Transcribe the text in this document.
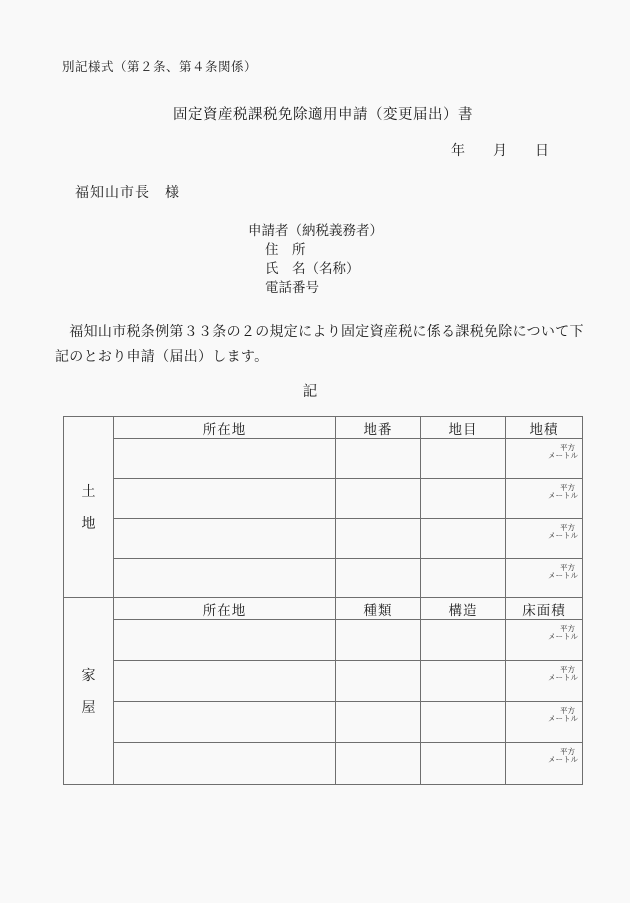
別記様式（第２条、第４条関係）
固定資産税課税免除適用申請（変更届出）書
年 月 日
福知山市長　様
申請者（納税義務者）
住　所
氏　名（名称）
電話番号
　福知山市税条例第３３条の２の規定により固定資産税に係る課税免除について下
記のとおり申請（届出）します。
記
土
地	所在地	地番	地目	地積

				平方
メートル

				平方
メートル

				平方
メートル

				平方
メートル

家
屋	所在地	種類	構造	床面積

				平方
メートル

				平方
メートル

				平方
メートル

				平方
メートル
